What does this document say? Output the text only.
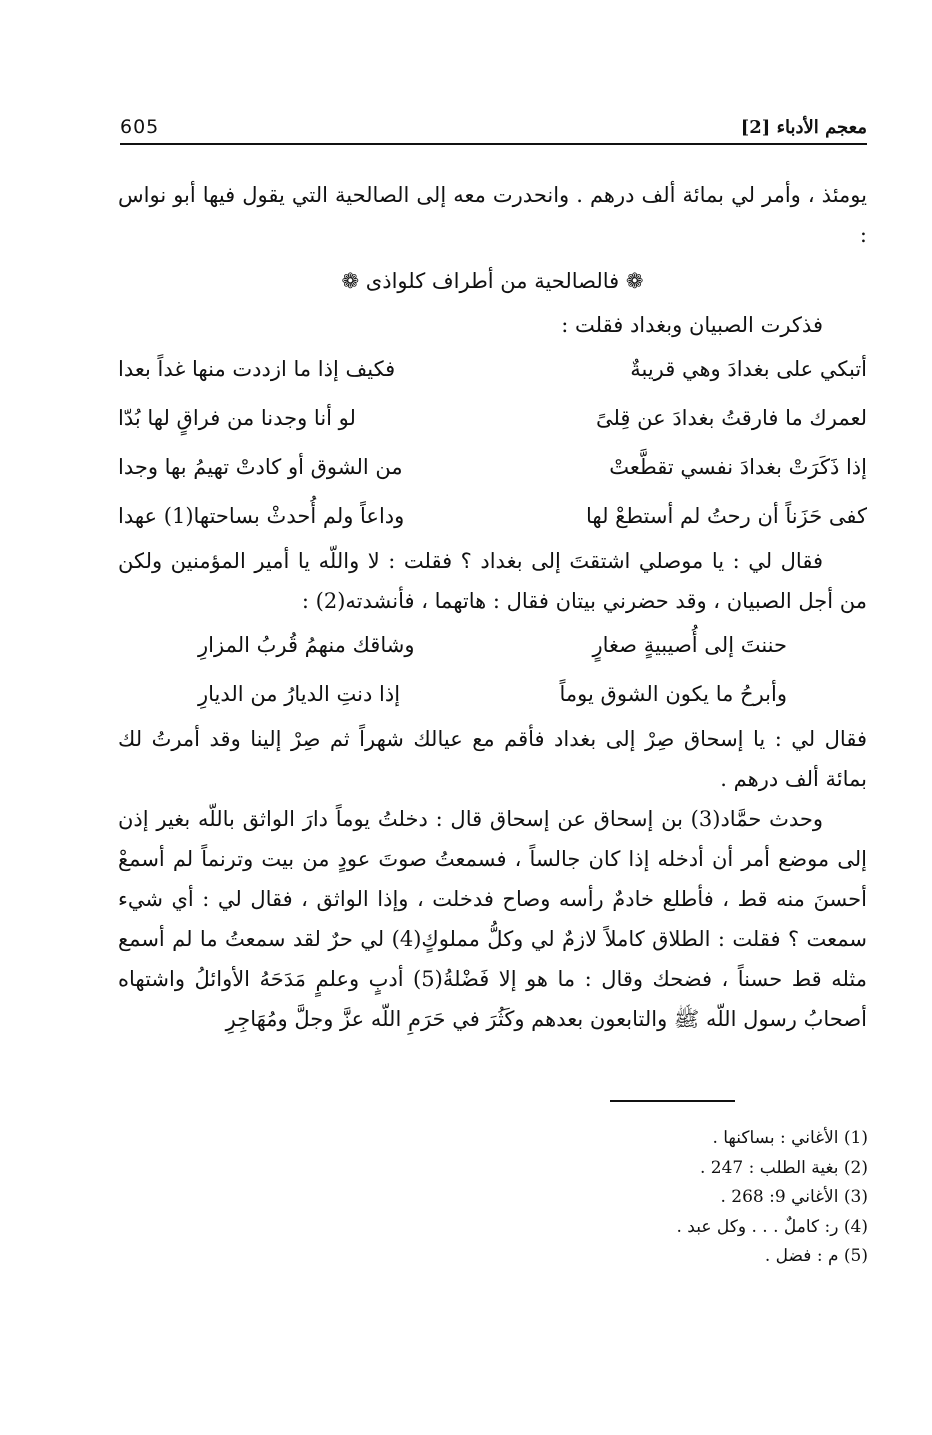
605	معجم الأدباء [2]

يومئذ ، وأمر لي بمائة ألف درهم . وانحدرت معه إلى الصالحية التي يقول فيها أبو نواس :

❁ فالصالحية من أطراف كلواذى ❁

فذكرت الصبيان وبغداد فقلت :

أتبكي على بغدادَ وهي قريبةٌ
فكيف إذا ما ازددت منها غداً بعدا
لعمرك ما فارقتُ بغدادَ عن قِلىً
لو أنا وجدنا من فراقٍ لها بُدّا
إذا ذَكَرَتْ بغدادَ نفسي تقطَّعتْ
من الشوق أو كادتْ تهيمُ بها وجدا
كفى حَزَناً أن رحتُ لم أستطعْ لها
وداعاً ولم أُحدثْ بساحتها(1) عهدا

فقال لي : يا موصلي اشتقتَ إلى بغداد ؟ فقلت : لا واللّه يا أمير المؤمنين ولكن من أجل الصبيان ، وقد حضرني بيتان فقال : هاتهما ، فأنشدته(2) :

حننتَ إلى أُصيبيةٍ صغارٍ
وشاقك منهمُ قُربُ المزارِ
وأبرحُ ما يكون الشوق يوماً
إذا دنتِ الديارُ من الديارِ

فقال لي : يا إسحاق صِرْ إلى بغداد فأقم مع عيالك شهراً ثم صِرْ إلينا وقد أمرتُ لك بمائة ألف درهم .

وحدث حمَّاد(3) بن إسحاق عن إسحاق قال : دخلتُ يوماً دارَ الواثق باللّه بغير إذن إلى موضع أمر أن أدخله إذا كان جالساً ، فسمعتُ صوتَ عودٍ من بيت وترنماً لم أسمعْ أحسنَ منه قط ، فأطلع خادمٌ رأسه وصاح فدخلت ، وإذا الواثق ، فقال لي : أي شيء سمعت ؟ فقلت : الطلاق كاملاً لازمٌ لي وكلُّ مملوكٍ(4) لي حرٌ لقد سمعتُ ما لم أسمع مثله قط حسناً ، فضحك وقال : ما هو إلا فَضْلةُ(5) أدبٍ وعلمٍ مَدَحَهُ الأوائلُ واشتهاه أصحابُ رسول اللّه ﷺ والتابعون بعدهم وكَثُرَ في حَرَمِ اللّه عزَّ وجلَّ ومُهَاجِرِ

(1) الأغاني : بساكنها .
(2) بغية الطلب : 247 .
(3) الأغاني 9: 268 .
(4) ر: كاملٌ . . . وكل عبد .
(5) م : فضل .
